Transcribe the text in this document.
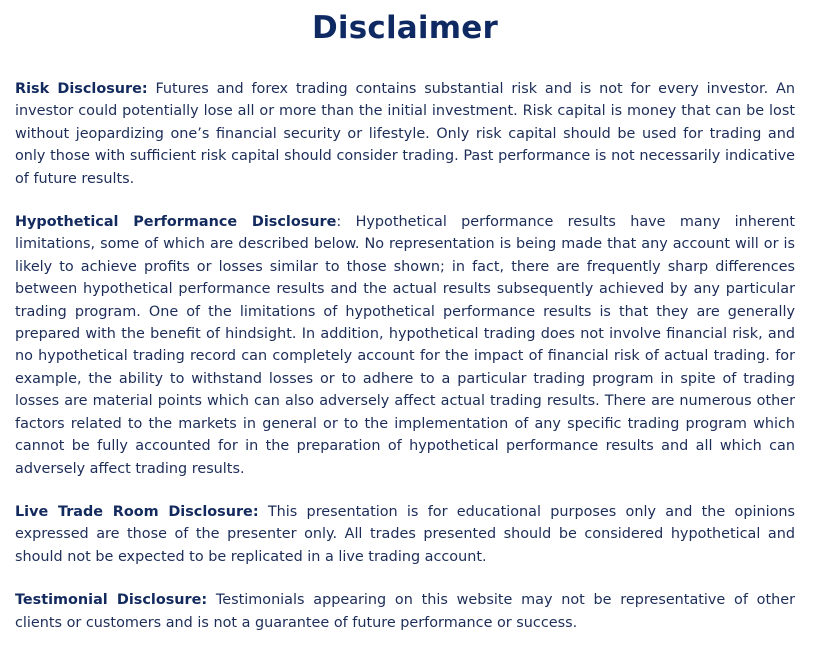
Disclaimer

Risk Disclosure: Futures and forex trading contains substantial risk and is not for every investor. An investor could potentially lose all or more than the initial investment. Risk capital is money that can be lost without jeopardizing one’s financial security or lifestyle. Only risk capital should be used for trading and only those with sufficient risk capital should consider trading. Past performance is not necessarily indicative of future results.

Hypothetical Performance Disclosure: Hypothetical performance results have many inherent limitations, some of which are described below. No representation is being made that any account will or is likely to achieve profits or losses similar to those shown; in fact, there are frequently sharp differences between hypothetical performance results and the actual results subsequently achieved by any particular trading program. One of the limitations of hypothetical performance results is that they are generally prepared with the benefit of hindsight. In addition, hypothetical trading does not involve financial risk, and no hypothetical trading record can completely account for the impact of financial risk of actual trading. for example, the ability to withstand losses or to adhere to a particular trading program in spite of trading losses are material points which can also adversely affect actual trading results. There are numerous other factors related to the markets in general or to the implementation of any specific trading program which cannot be fully accounted for in the preparation of hypothetical performance results and all which can adversely affect trading results.

Live Trade Room Disclosure: This presentation is for educational purposes only and the opinions expressed are those of the presenter only. All trades presented should be considered hypothetical and should not be expected to be replicated in a live trading account.

Testimonial Disclosure: Testimonials appearing on this website may not be representative of other clients or customers and is not a guarantee of future performance or success.
